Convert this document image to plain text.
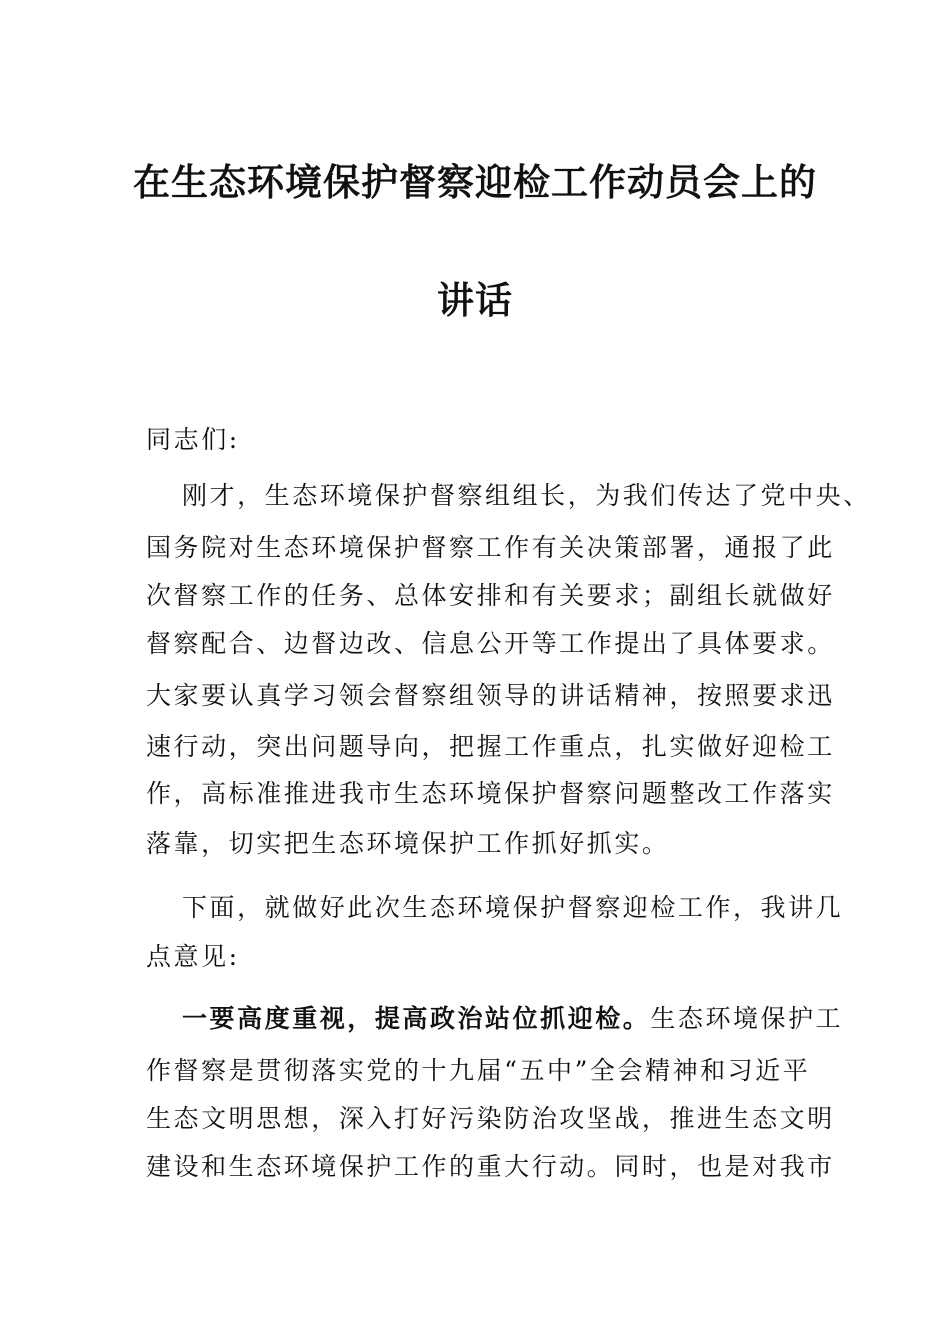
在生态环境保护督察迎检工作动员会上的
讲话
同志们:
刚才，生态环境保护督察组组长，为我们传达了党中央、
国务院对生态环境保护督察工作有关决策部署，通报了此
次督察工作的任务、总体安排和有关要求；副组长就做好
督察配合、边督边改、信息公开等工作提出了具体要求。
大家要认真学习领会督察组领导的讲话精神，按照要求迅
速行动，突出问题导向，把握工作重点，扎实做好迎检工
作，高标准推进我市生态环境保护督察问题整改工作落实
落靠，切实把生态环境保护工作抓好抓实。
下面，就做好此次生态环境保护督察迎检工作，我讲几
点意见:
一要高度重视，提高政治站位抓迎检。生态环境保护工
作督察是贯彻落实党的十九届“五中”全会精神和习近平
生态文明思想，深入打好污染防治攻坚战，推进生态文明
建设和生态环境保护工作的重大行动。同时，也是对我市
